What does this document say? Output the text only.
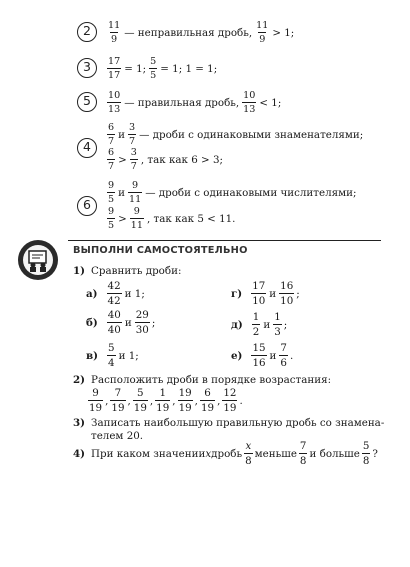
2	$\frac{11}{9}$ — неправильная дробь, $\frac{11}{9} > 1$;
3	$\frac{17}{17} = 1$; $\frac{5}{5} = 1$; 1 = 1;
5	$\frac{10}{13}$ — правильная дробь, $\frac{10}{13} < 1$;
4	$\frac{6}{7}$ и $\frac{3}{7}$ — дроби с одинаковыми знаменателями;
$\frac{6}{7} > \frac{3}{7}$ , так как 6 > 3;
6	$\frac{9}{5}$ и $\frac{9}{11}$ — дроби с одинаковыми числителями;
$\frac{9}{5} > \frac{9}{11}$ , так как 5 < 11.
ВЫПОЛНИ САМОСТОЯТЕЛЬНО
1) Сравнить дроби:
$а) \frac{42}{42}$ и 1;
$б) \frac{40}{40}$ и $\frac{29}{30}$ ;
$в) \frac{5}{4}$ и 1;
$г) \frac{17}{10}$ и $\frac{16}{10}$ ;
$д) \frac{1}{2}$ и $\frac{1}{3}$ ;
$е) \frac{15}{16}$ и $\frac{7}{6}$ .
2) Расположить дроби в порядке возрастания:
$\frac{9}{19}$ , $\frac{7}{19}$ , $\frac{5}{19}$ , $\frac{1}{19}$ , $\frac{19}{19}$ , $\frac{6}{19}$ , $\frac{12}{19}$ .
3) Записать наибольшую правильную дробь со знамена-
телем 20.
4) При каком значении x дробь $\frac{x}{8}$ меньше $\frac{7}{8}$ и больше $\frac{5}{8}$ ?
